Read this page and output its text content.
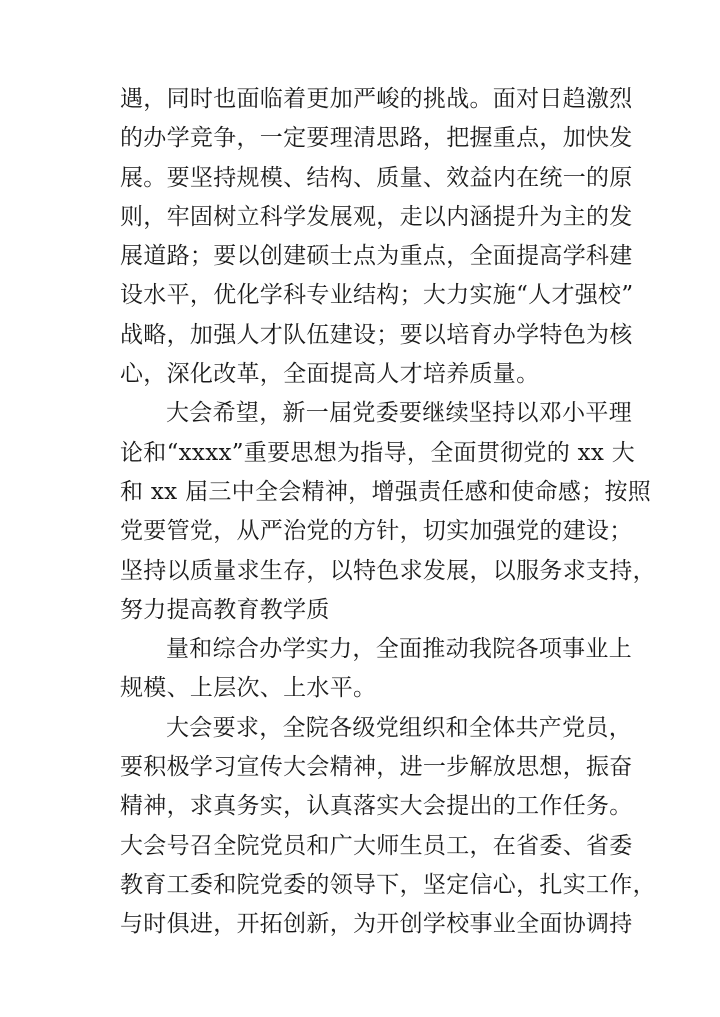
遇，同时也面临着更加严峻的挑战。面对日趋激烈
的办学竞争，一定要理清思路，把握重点，加快发
展。要坚持规模、结构、质量、效益内在统一的原
则，牢固树立科学发展观，走以内涵提升为主的发
展道路；要以创建硕士点为重点，全面提高学科建
设水平，优化学科专业结构；大力实施“人才强校”
战略，加强人才队伍建设；要以培育办学特色为核
心，深化改革，全面提高人才培养质量。
大会希望，新一届党委要继续坚持以邓小平理
论和“xxxx”重要思想为指导，全面贯彻党的 xx 大
和 xx 届三中全会精神，增强责任感和使命感；按照
党要管党，从严治党的方针，切实加强党的建设；
坚持以质量求生存，以特色求发展，以服务求支持，
努力提高教育教学质
量和综合办学实力，全面推动我院各项事业上
规模、上层次、上水平。
大会要求，全院各级党组织和全体共产党员，
要积极学习宣传大会精神，进一步解放思想，振奋
精神，求真务实，认真落实大会提出的工作任务。
大会号召全院党员和广大师生员工，在省委、省委
教育工委和院党委的领导下，坚定信心，扎实工作，
与时俱进，开拓创新，为开创学校事业全面协调持
